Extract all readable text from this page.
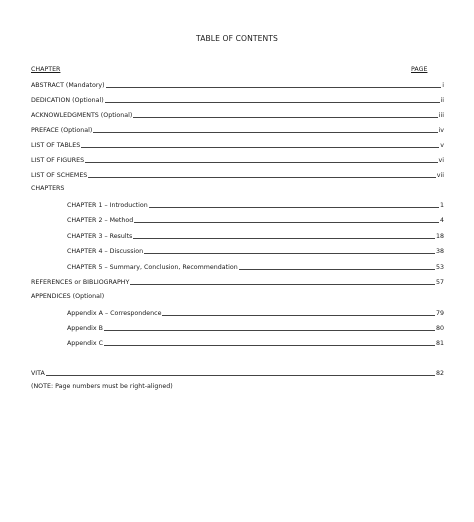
TABLE OF CONTENTS
CHAPTER	PAGE
ABSTRACT (Mandatory)	i
DEDICATION (Optional)	ii
ACKNOWLEDGMENTS (Optional)	iii
PREFACE (Optional)	iv
LIST OF TABLES	v
LIST OF FIGURES	vi
LIST OF SCHEMES	vii
CHAPTERS
CHAPTER 1 – Introduction	1
CHAPTER 2 – Method	4
CHAPTER 3 – Results	18
CHAPTER 4 – Discussion	38
CHAPTER 5 – Summary, Conclusion, Recommendation	53
REFERENCES or BIBLIOGRAPHY	57
APPENDICES (Optional)
Appendix A – Correspondence	79
Appendix B	80
Appendix C	81
VITA	82
(NOTE: Page numbers must be right-aligned)
